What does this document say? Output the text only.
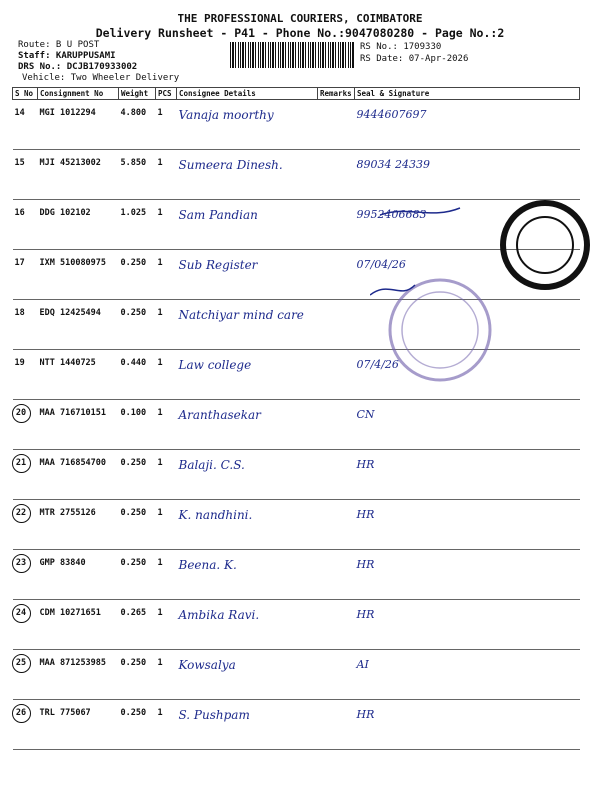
THE PROFESSIONAL COURIERS, COIMBATORE
Delivery Runsheet - P41 - Phone No.:9047080280 - Page No.:2
Route: B U POST
Staff: KARUPPUSAMI
DRS No.: DCJB170933002
Vehicle: Two Wheeler Delivery
RS No.: 1709330
RS Date: 07-Apr-2026
S No	Consignment No	Weight	PCS	Consignee Details	Remarks	Seal & Signature
14	MGI 1012294	4.800	1	Vanaja moorthy		9444607697
15	MJI 45213002	5.850	1	Sumeera Dinesh.		89034 24339
16	DDG 102102	1.025	1	Sam Pandian		9952406683
17	IXM 510080975	0.250	1	Sub Register		07/04/26
18	EDQ 12425494	0.250	1	Natchiyar mind care		
19	NTT 1440725	0.440	1	Law college		07/4/26
20	MAA 716710151	0.100	1	Aranthasekar		CN
21	MAA 716854700	0.250	1	Balaji. C.S.		HR
22	MTR 2755126	0.250	1	K. nandhini.		HR
23	GMP 83840	0.250	1	Beena. K.		HR
24	CDM 10271651	0.265	1	Ambika Ravi.		HR
25	MAA 871253985	0.250	1	Kowsalya		AI
26	TRL 775067	0.250	1	S. Pushpam		HR
